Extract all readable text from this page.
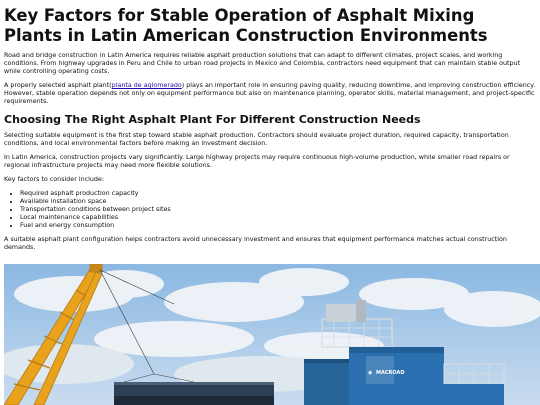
Key Factors for Stable Operation of Asphalt Mixing Plants in Latin American Construction Environments

Road and bridge construction in Latin America requires reliable asphalt production solutions that can adapt to different climates, project scales, and working conditions. From highway upgrades in Peru and Chile to urban road projects in Mexico and Colombia, contractors need equipment that can maintain stable output while controlling operating costs.

A properly selected asphalt plant(planta de aglomerado) plays an important role in ensuring paving quality, reducing downtime, and improving construction efficiency. However, stable operation depends not only on equipment performance but also on maintenance planning, operator skills, material management, and project-specific requirements.

Choosing The Right Asphalt Plant For Different Construction Needs

Selecting suitable equipment is the first step toward stable asphalt production. Contractors should evaluate project duration, required capacity, transportation conditions, and local environmental factors before making an investment decision.

In Latin America, construction projects vary significantly. Large highway projects may require continuous high-volume production, while smaller road repairs or regional infrastructure projects may need more flexible solutions.

Key factors to consider include:

• Required asphalt production capacity
• Available installation space
• Transportation conditions between project sites
• Local maintenance capabilities
• Fuel and energy consumption

A suitable asphalt plant configuration helps contractors avoid unnecessary investment and ensures that equipment performance matches actual construction demands.

◉ MACROAD
